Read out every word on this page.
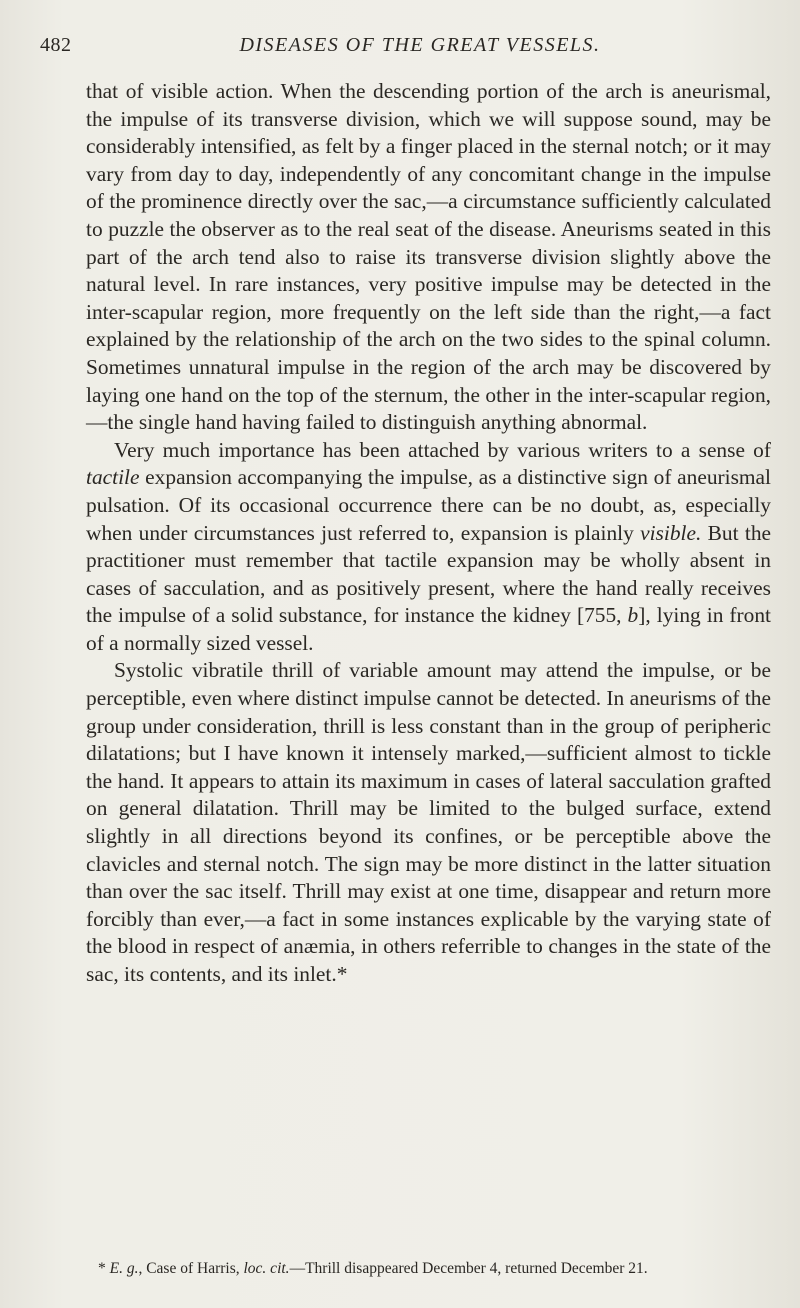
482	DISEASES OF THE GREAT VESSELS.

that of visible action. When the descending portion of the arch is aneurismal, the impulse of its transverse division, which we will suppose sound, may be considerably intensified, as felt by a finger placed in the sternal notch; or it may vary from day to day, independently of any concomitant change in the impulse of the prominence directly over the sac,—a circumstance sufficiently calculated to puzzle the observer as to the real seat of the disease. Aneurisms seated in this part of the arch tend also to raise its transverse division slightly above the natural level. In rare instances, very positive impulse may be detected in the inter-scapular region, more frequently on the left side than the right,—a fact explained by the relationship of the arch on the two sides to the spinal column. Sometimes unnatural impulse in the region of the arch may be discovered by laying one hand on the top of the sternum, the other in the inter-scapular region,—the single hand having failed to distinguish anything abnormal.

Very much importance has been attached by various writers to a sense of tactile expansion accompanying the impulse, as a distinctive sign of aneurismal pulsation. Of its occasional occurrence there can be no doubt, as, especially when under circumstances just referred to, expansion is plainly visible. But the practitioner must remember that tactile expansion may be wholly absent in cases of sacculation, and as positively present, where the hand really receives the impulse of a solid substance, for instance the kidney [755, b], lying in front of a normally sized vessel.

Systolic vibratile thrill of variable amount may attend the impulse, or be perceptible, even where distinct impulse cannot be detected. In aneurisms of the group under consideration, thrill is less constant than in the group of peripheric dilatations; but I have known it intensely marked,—sufficient almost to tickle the hand. It appears to attain its maximum in cases of lateral sacculation grafted on general dilatation. Thrill may be limited to the bulged surface, extend slightly in all directions beyond its confines, or be perceptible above the clavicles and sternal notch. The sign may be more distinct in the latter situation than over the sac itself. Thrill may exist at one time, disappear and return more forcibly than ever,—a fact in some instances explicable by the varying state of the blood in respect of anæmia, in others referrible to changes in the state of the sac, its contents, and its inlet.*

* E. g., Case of Harris, loc. cit.—Thrill disappeared December 4, returned December 21.
